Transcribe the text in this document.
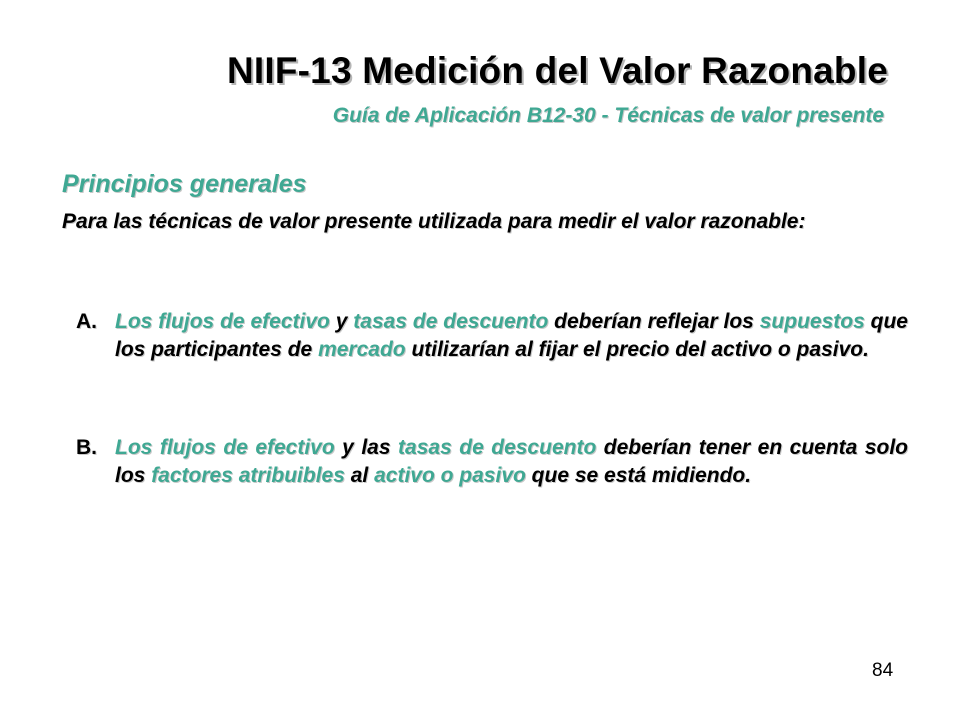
NIIF-13 Medición del Valor Razonable
Guía de Aplicación B12-30 - Técnicas de valor presente
Principios generales
Para las técnicas de valor presente utilizada para medir el valor razonable:
A. Los flujos de efectivo y tasas de descuento deberían reflejar los supuestos que los participantes de mercado utilizarían al fijar el precio del activo o pasivo.
B. Los flujos de efectivo y las tasas de descuento deberían tener en cuenta solo los factores atribuibles al activo o pasivo que se está midiendo.
84
